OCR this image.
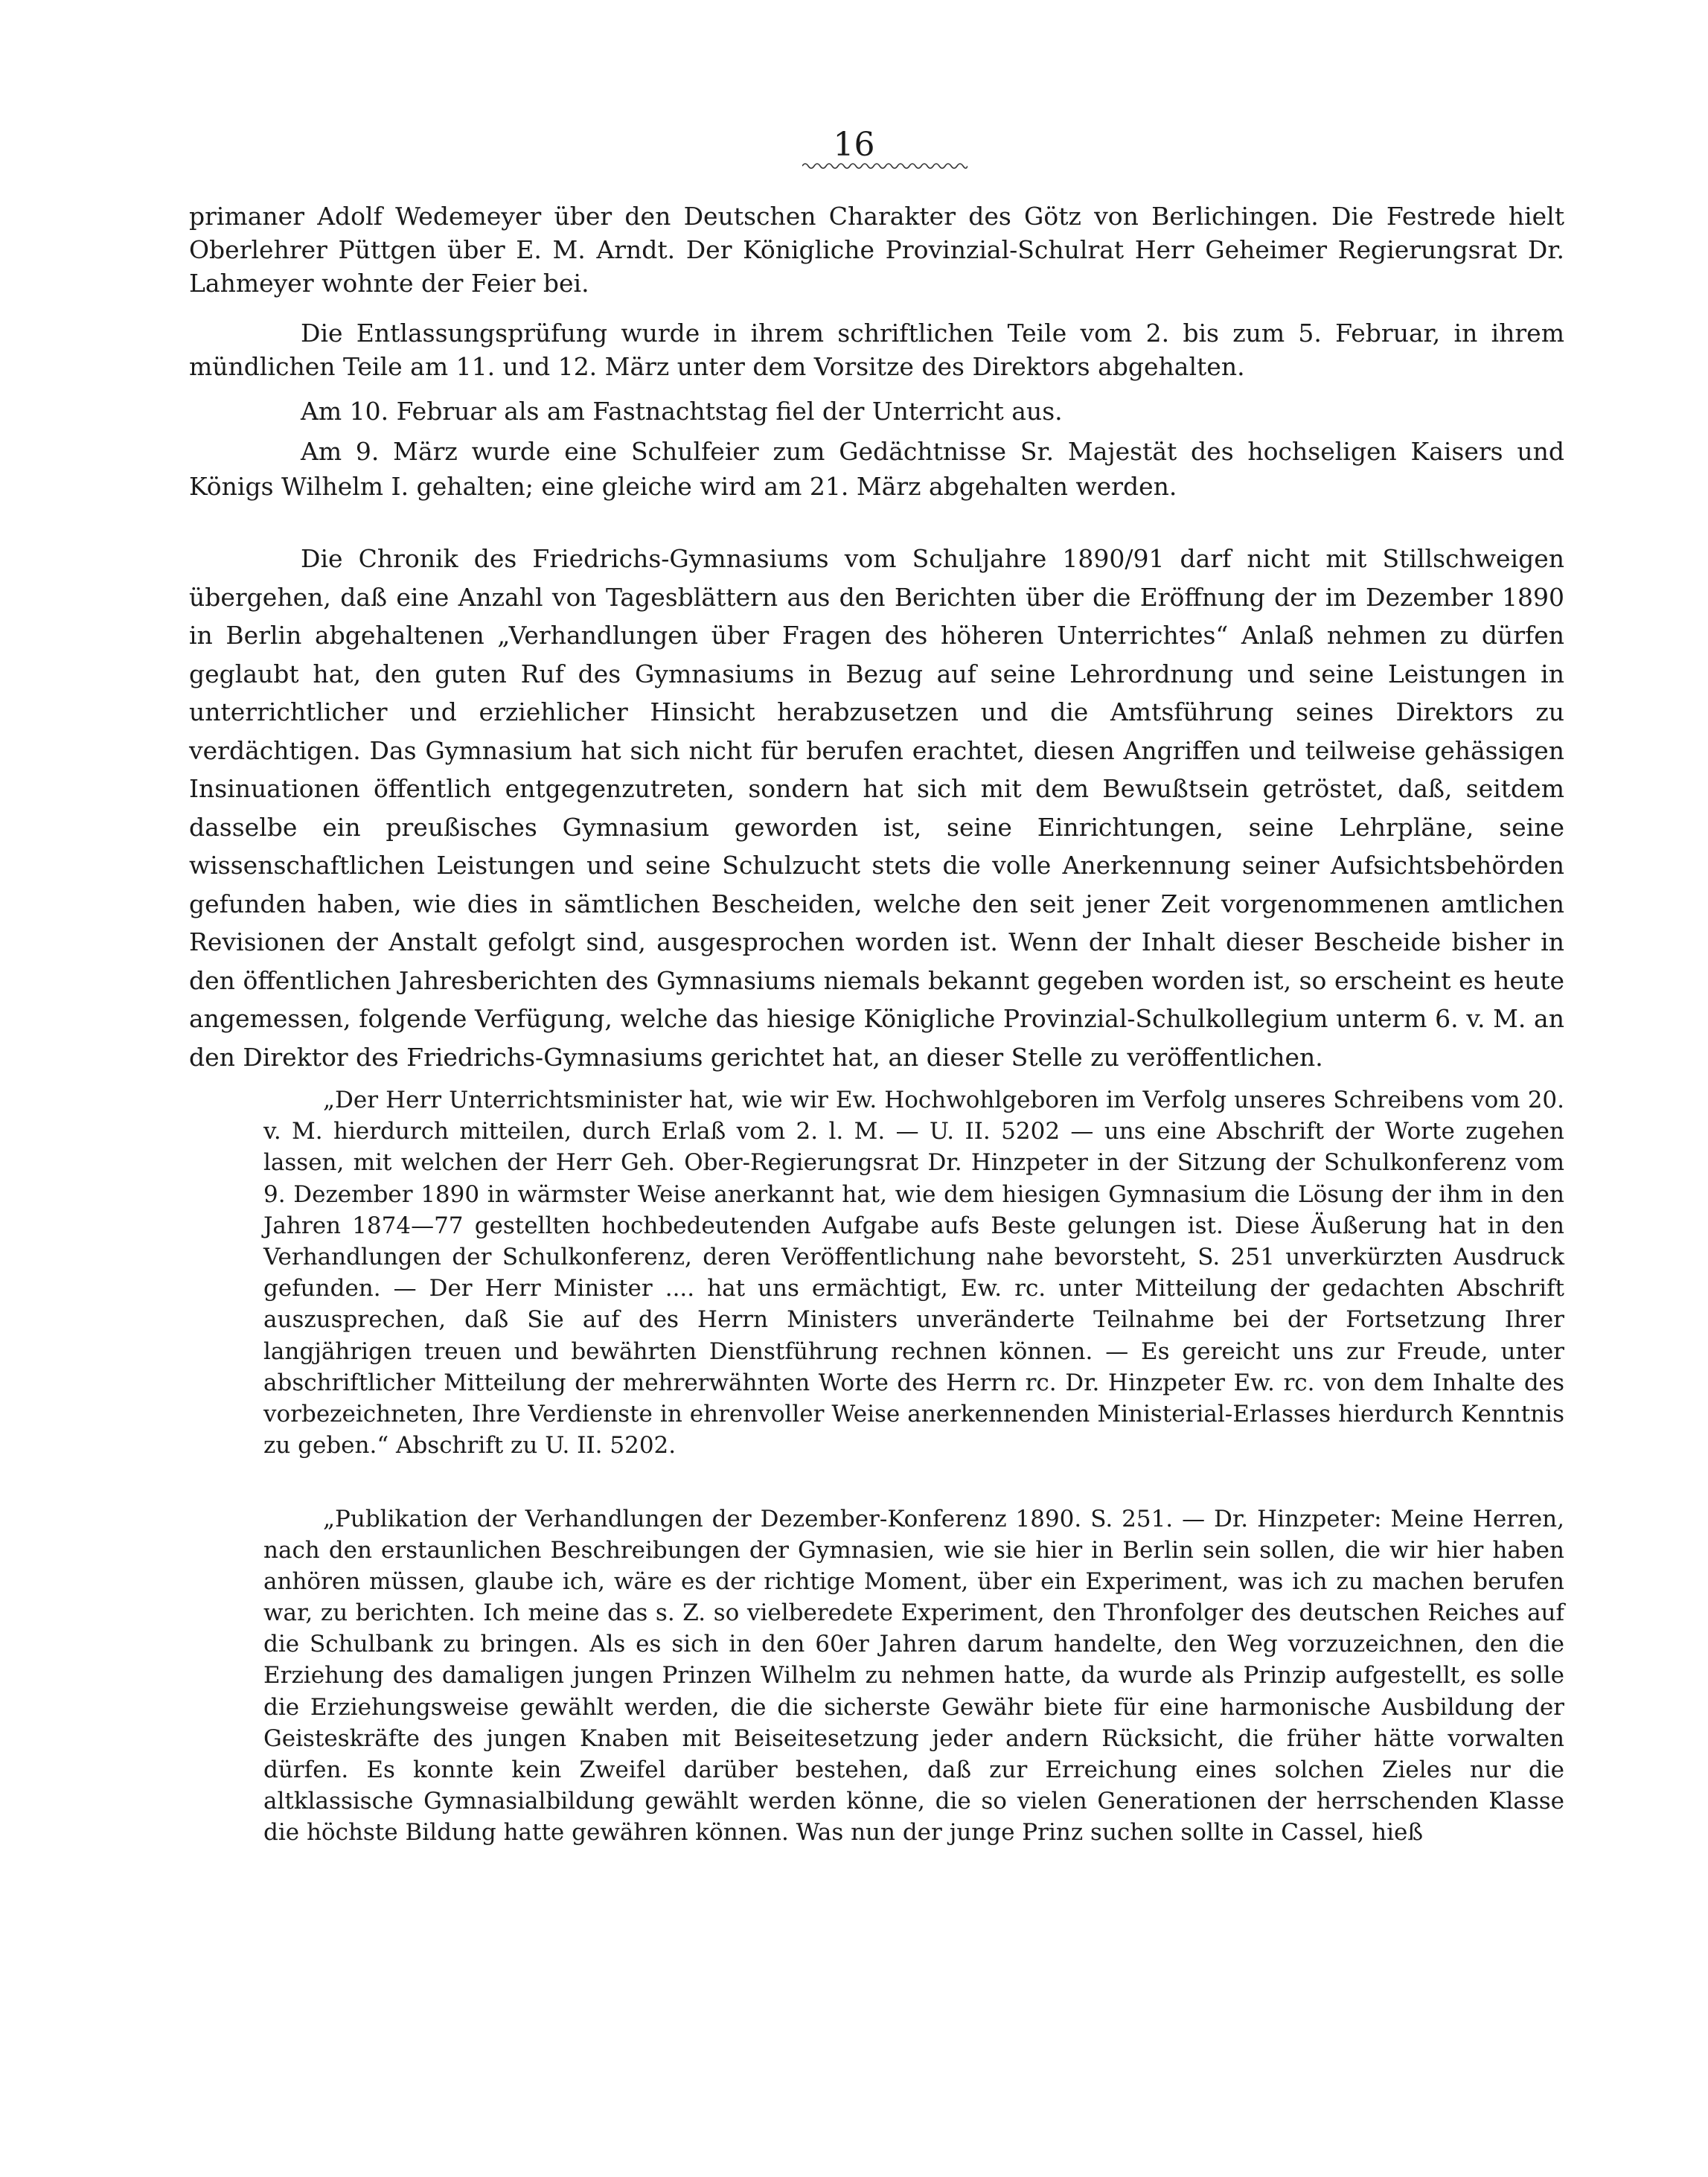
16

primaner Adolf Wedemeyer über den Deutschen Charakter des Götz von Berlichingen. Die Festrede hielt Oberlehrer Püttgen über E. M. Arndt. Der Königliche Provinzial-Schulrat Herr Geheimer Regierungsrat Dr. Lahmeyer wohnte der Feier bei.

Die Entlassungsprüfung wurde in ihrem schriftlichen Teile vom 2. bis zum 5. Februar, in ihrem mündlichen Teile am 11. und 12. März unter dem Vorsitze des Direktors abgehalten.

Am 10. Februar als am Fastnachtstag fiel der Unterricht aus.

Am 9. März wurde eine Schulfeier zum Gedächtnisse Sr. Majestät des hochseligen Kaisers und Königs Wilhelm I. gehalten; eine gleiche wird am 21. März abgehalten werden.

Die Chronik des Friedrichs-Gymnasiums vom Schuljahre 1890/91 darf nicht mit Stillschweigen übergehen, daß eine Anzahl von Tagesblättern aus den Berichten über die Eröffnung der im Dezember 1890 in Berlin abgehaltenen „Verhandlungen über Fragen des höheren Unterrichtes“ Anlaß nehmen zu dürfen geglaubt hat, den guten Ruf des Gymnasiums in Bezug auf seine Lehrordnung und seine Leistungen in unterrichtlicher und erziehlicher Hinsicht herabzusetzen und die Amtsführung seines Direktors zu verdächtigen. Das Gymnasium hat sich nicht für berufen erachtet, diesen Angriffen und teilweise gehässigen Insinuationen öffentlich entgegenzutreten, sondern hat sich mit dem Bewußtsein getröstet, daß, seitdem dasselbe ein preußisches Gymnasium geworden ist, seine Einrichtungen, seine Lehrpläne, seine wissenschaftlichen Leistungen und seine Schulzucht stets die volle Anerkennung seiner Aufsichtsbehörden gefunden haben, wie dies in sämtlichen Bescheiden, welche den seit jener Zeit vorgenommenen amtlichen Revisionen der Anstalt gefolgt sind, ausgesprochen worden ist. Wenn der Inhalt dieser Bescheide bisher in den öffentlichen Jahresberichten des Gymnasiums niemals bekannt gegeben worden ist, so erscheint es heute angemessen, folgende Verfügung, welche das hiesige Königliche Provinzial-Schulkollegium unterm 6. v. M. an den Direktor des Friedrichs-Gymnasiums gerichtet hat, an dieser Stelle zu veröffentlichen.

„Der Herr Unterrichtsminister hat, wie wir Ew. Hochwohlgeboren im Verfolg unseres Schreibens vom 20. v. M. hierdurch mitteilen, durch Erlaß vom 2. l. M. — U. II. 5202 — uns eine Abschrift der Worte zugehen lassen, mit welchen der Herr Geh. Ober-Regierungsrat Dr. Hinzpeter in der Sitzung der Schulkonferenz vom 9. Dezember 1890 in wärmster Weise anerkannt hat, wie dem hiesigen Gymnasium die Lösung der ihm in den Jahren 1874—77 gestellten hochbedeutenden Aufgabe aufs Beste gelungen ist. Diese Äußerung hat in den Verhandlungen der Schulkonferenz, deren Veröffentlichung nahe bevorsteht, S. 251 unverkürzten Ausdruck gefunden. — Der Herr Minister .... hat uns ermächtigt, Ew. rc. unter Mitteilung der gedachten Abschrift auszusprechen, daß Sie auf des Herrn Ministers unveränderte Teilnahme bei der Fortsetzung Ihrer langjährigen treuen und bewährten Dienstführung rechnen können. — Es gereicht uns zur Freude, unter abschriftlicher Mitteilung der mehrerwähnten Worte des Herrn rc. Dr. Hinzpeter Ew. rc. von dem Inhalte des vorbezeichneten, Ihre Verdienste in ehrenvoller Weise anerkennenden Ministerial-Erlasses hierdurch Kenntnis zu geben.“ Abschrift zu U. II. 5202.

„Publikation der Verhandlungen der Dezember-Konferenz 1890. S. 251. — Dr. Hinzpeter: Meine Herren, nach den erstaunlichen Beschreibungen der Gymnasien, wie sie hier in Berlin sein sollen, die wir hier haben anhören müssen, glaube ich, wäre es der richtige Moment, über ein Experiment, was ich zu machen berufen war, zu berichten. Ich meine das s. Z. so vielberedete Experiment, den Thronfolger des deutschen Reiches auf die Schulbank zu bringen. Als es sich in den 60er Jahren darum handelte, den Weg vorzuzeichnen, den die Erziehung des damaligen jungen Prinzen Wilhelm zu nehmen hatte, da wurde als Prinzip aufgestellt, es solle die Erziehungsweise gewählt werden, die die sicherste Gewähr biete für eine harmonische Ausbildung der Geisteskräfte des jungen Knaben mit Beiseitesetzung jeder andern Rücksicht, die früher hätte vorwalten dürfen. Es konnte kein Zweifel darüber bestehen, daß zur Erreichung eines solchen Zieles nur die altklassische Gymnasialbildung gewählt werden könne, die so vielen Generationen der herrschenden Klasse die höchste Bildung hatte gewähren können. Was nun der junge Prinz suchen sollte in Cassel, hieß
